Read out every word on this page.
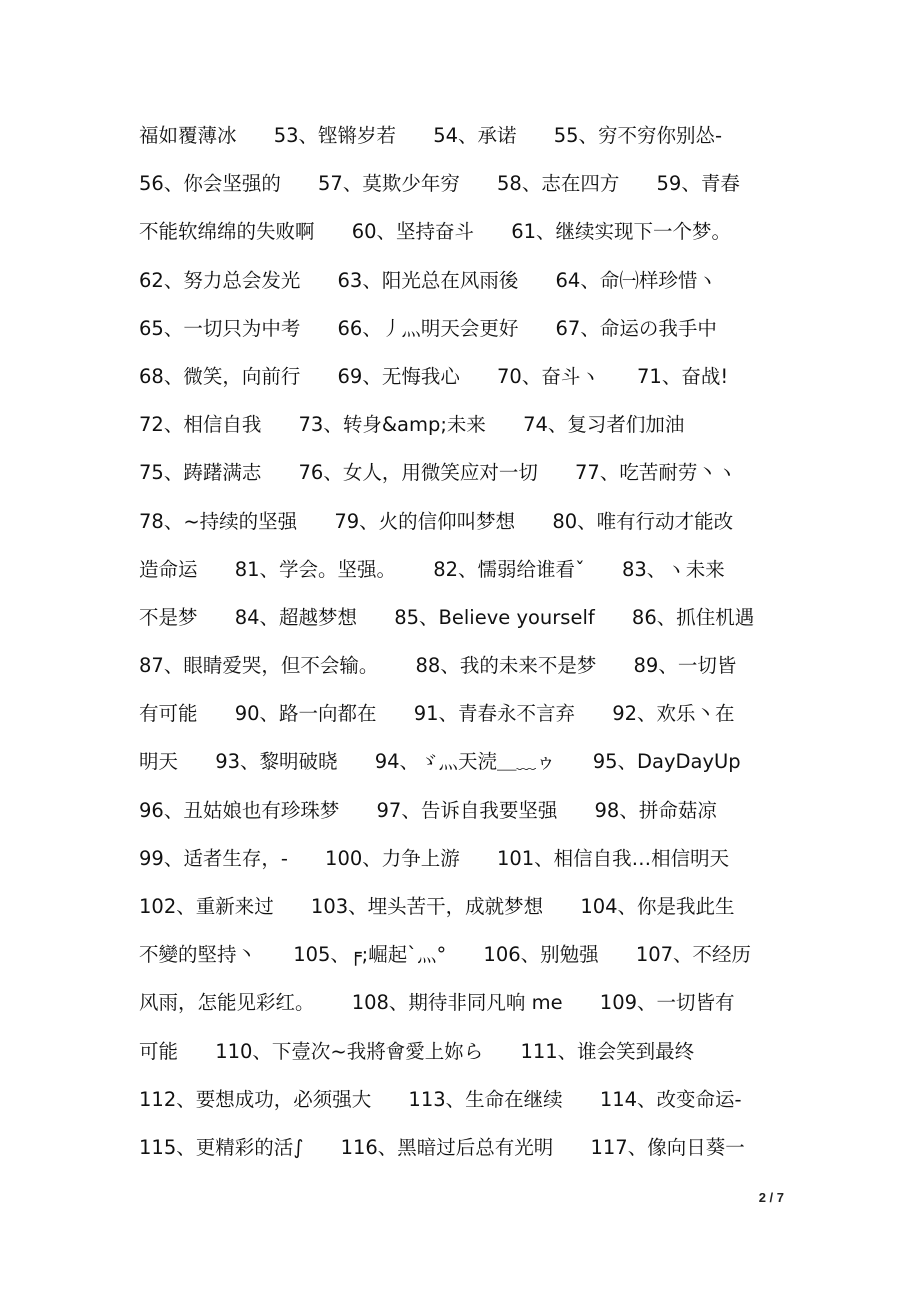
福如覆薄冰      53、铿锵岁若      54、承诺      55、穷不穷你别怂-
56、你会坚强的      57、莫欺少年穷      58、志在四方      59、青春
不能软绵绵的失败啊      60、坚持奋斗      61、继续实现下一个梦。
62、努力总会发光      63、阳光总在风雨後      64、命㈠样珍惜ヽ
65、一切只为中考      66、丿灬明天会更好      67、命运の我手中
68、微笑，向前行      69、无悔我心      70、奋斗ヽ      71、奋战!
72、相信自我      73、转身&amp;未来      74、复习者们加油
75、踌躇满志      76、女人，用微笑应对一切      77、吃苦耐劳丶ヽ
78、~持续的坚强      79、火的信仰叫梦想      80、唯有行动才能改
造命运      81、学会。坚强。      82、懦弱给谁看ˇ      83、ヽ未来
不是梦      84、超越梦想      85、Believe yourself      86、抓住机遇
87、眼睛爱哭，但不会输。      88、我的未来不是梦      89、一切皆
有可能      90、路一向都在      91、青春永不言弃      92、欢乐丶在
明天      93、黎明破晓      94、ゞ灬天涜＿﹏ゥ      95、DayDayUp
96、丑姑娘也有珍珠梦      97、告诉自我要坚强      98、拼命菇凉
99、适者生存，-      100、力争上游      101、相信自我…相信明天
102、重新来过      103、埋头苦干，成就梦想      104、你是我此生
不變的堅持丶      105、╒;崛起`灬°      106、别勉强      107、不经历
风雨，怎能见彩红。      108、期待非同凡响 me      109、一切皆有
可能      110、下壹次~我將會愛上妳ら      111、谁会笑到最终
112、要想成功，必须强大      113、生命在继续      114、改变命运-
115、更精彩的活∫      116、黑暗过后总有光明      117、像向日葵一
2 / 7
